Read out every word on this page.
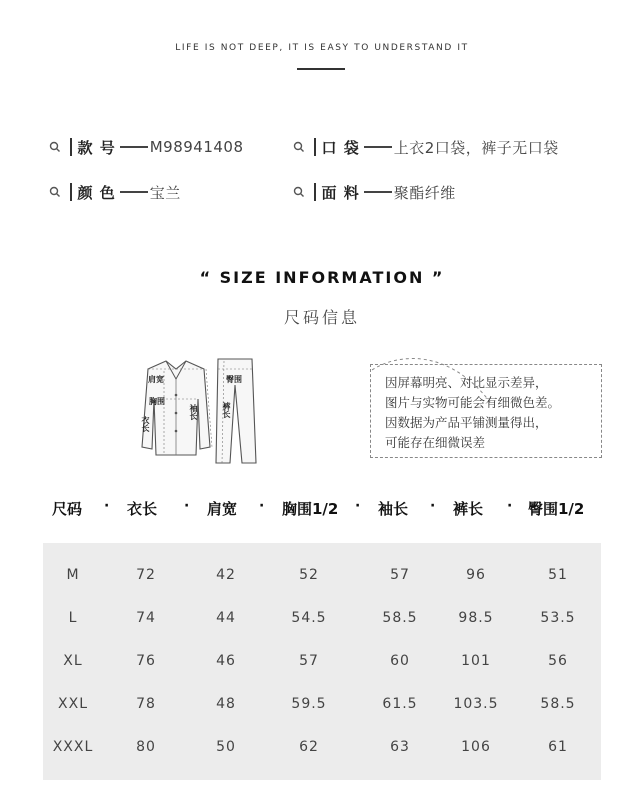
LIFE IS NOT DEEP, IT IS EASY TO UNDERSTAND IT
款 号 M98941408	口 袋 上衣2口袋，裤子无口袋
颜 色 宝兰	面 料 聚酯纤维
“ SIZE INFORMATION ”
尺码信息
肩宽
胸围
袖长
衣长
臀围
裤长
因屏幕明亮、对比显示差异，
图片与实物可能会有细微色差。
因数据为产品平铺测量得出，
可能存在细微误差
尺码 · 衣长 · 肩宽 · 胸围1/2 · 袖长 · 裤长 · 臀围1/2
M	72	42	52	57	96	51
L	74	44	54.5	58.5	98.5	53.5
XL	76	46	57	60	101	56
XXL	78	48	59.5	61.5	103.5	58.5
XXXL	80	50	62	63	106	61
